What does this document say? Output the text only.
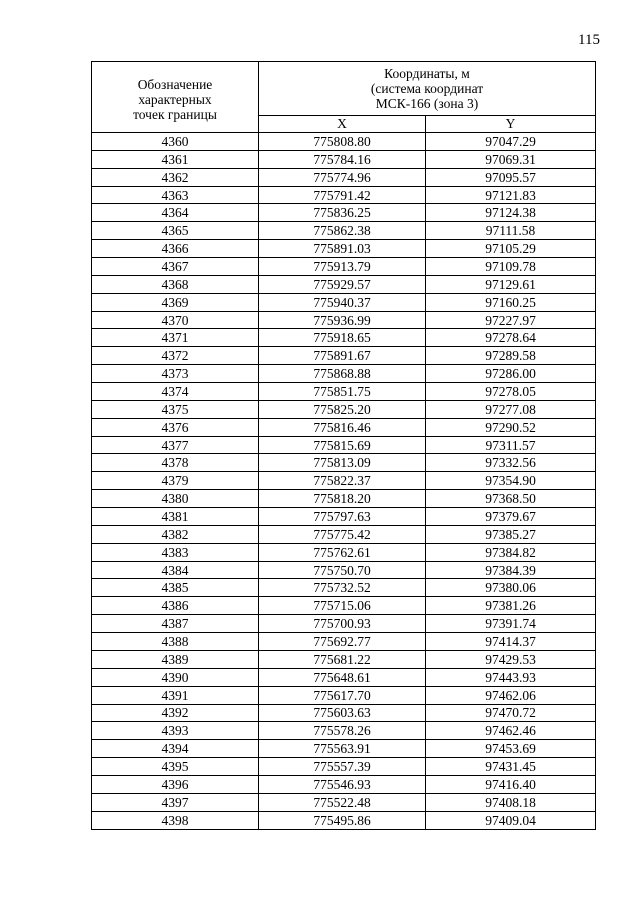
115
Обозначение
характерных
точек границы	Координаты, м
(система координат
МСК-166 (зона 3)	

	X	Y
4360	775808.80	97047.29
4361	775784.16	97069.31
4362	775774.96	97095.57
4363	775791.42	97121.83
4364	775836.25	97124.38
4365	775862.38	97111.58
4366	775891.03	97105.29
4367	775913.79	97109.78
4368	775929.57	97129.61
4369	775940.37	97160.25
4370	775936.99	97227.97
4371	775918.65	97278.64
4372	775891.67	97289.58
4373	775868.88	97286.00
4374	775851.75	97278.05
4375	775825.20	97277.08
4376	775816.46	97290.52
4377	775815.69	97311.57
4378	775813.09	97332.56
4379	775822.37	97354.90
4380	775818.20	97368.50
4381	775797.63	97379.67
4382	775775.42	97385.27
4383	775762.61	97384.82
4384	775750.70	97384.39
4385	775732.52	97380.06
4386	775715.06	97381.26
4387	775700.93	97391.74
4388	775692.77	97414.37
4389	775681.22	97429.53
4390	775648.61	97443.93
4391	775617.70	97462.06
4392	775603.63	97470.72
4393	775578.26	97462.46
4394	775563.91	97453.69
4395	775557.39	97431.45
4396	775546.93	97416.40
4397	775522.48	97408.18
4398	775495.86	97409.04
